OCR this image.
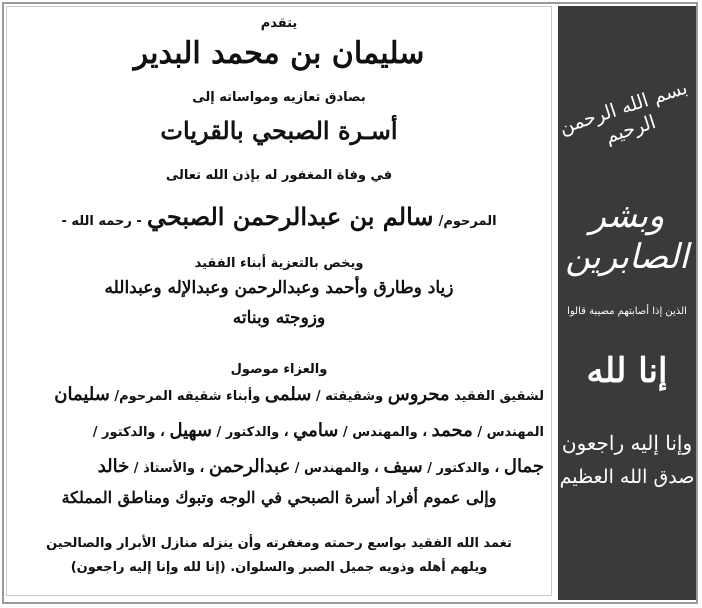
بسم الله الرحمن الرحيم
وبشر الصابرين
الذين إذا أصابتهم مصيبة قالوا
إنا لله
وإنا إليه راجعون
صدق الله العظيم
يتقدم
سليمان بن محمد البدير
بصادق تعازيه ومواساته إلى
أسـرة الصبحي بالقريات
في وفاة المغفور له بإذن الله تعالى
المرحوم/ سالم بن عبدالرحمن الصبحي - رحمه الله -
ويخص بالتعزية أبناء الفقيد
زياد وطارق وأحمد وعبدالرحمن وعبدالإله وعبدالله
وزوجته وبناته
والعزاء موصول
لشقيق الفقيد محروس وشقيقته / سلمى وأبناء شقيقه المرحوم/ سليمان
المهندس / محمد ، والمهندس / سامي ، والدكتور / سهيل ، والدكتور /
جمال ، والدكتور / سيف ، والمهندس / عبدالرحمن ، والأستاذ / خالد
وإلى عموم أفراد أسرة الصبحي في الوجه وتبوك ومناطق المملكة
تغمد الله الفقيد بواسع رحمته ومغفرته وأن ينزله منازل الأبرار والصالحين
ويلهم أهله وذويه جميل الصبر والسلوان. (إنا لله وإنا إليه راجعون)
